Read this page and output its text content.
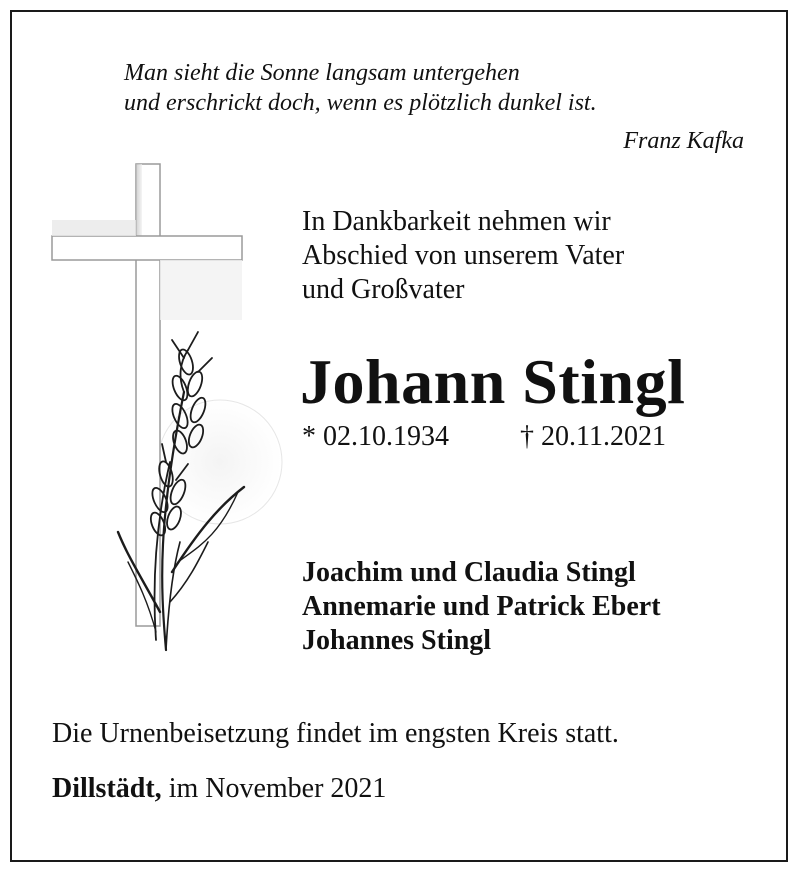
Man sieht die Sonne langsam untergehen
und erschrickt doch, wenn es plötzlich dunkel ist.
Franz Kafka
In Dankbarkeit nehmen wir
Abschied von unserem Vater
und Großvater
Johann Stingl
* 02.10.1934	† 20.11.2021
Joachim und Claudia Stingl
Annemarie und Patrick Ebert
Johannes Stingl
Die Urnenbeisetzung findet im engsten Kreis statt.
Dillstädt, im November 2021
